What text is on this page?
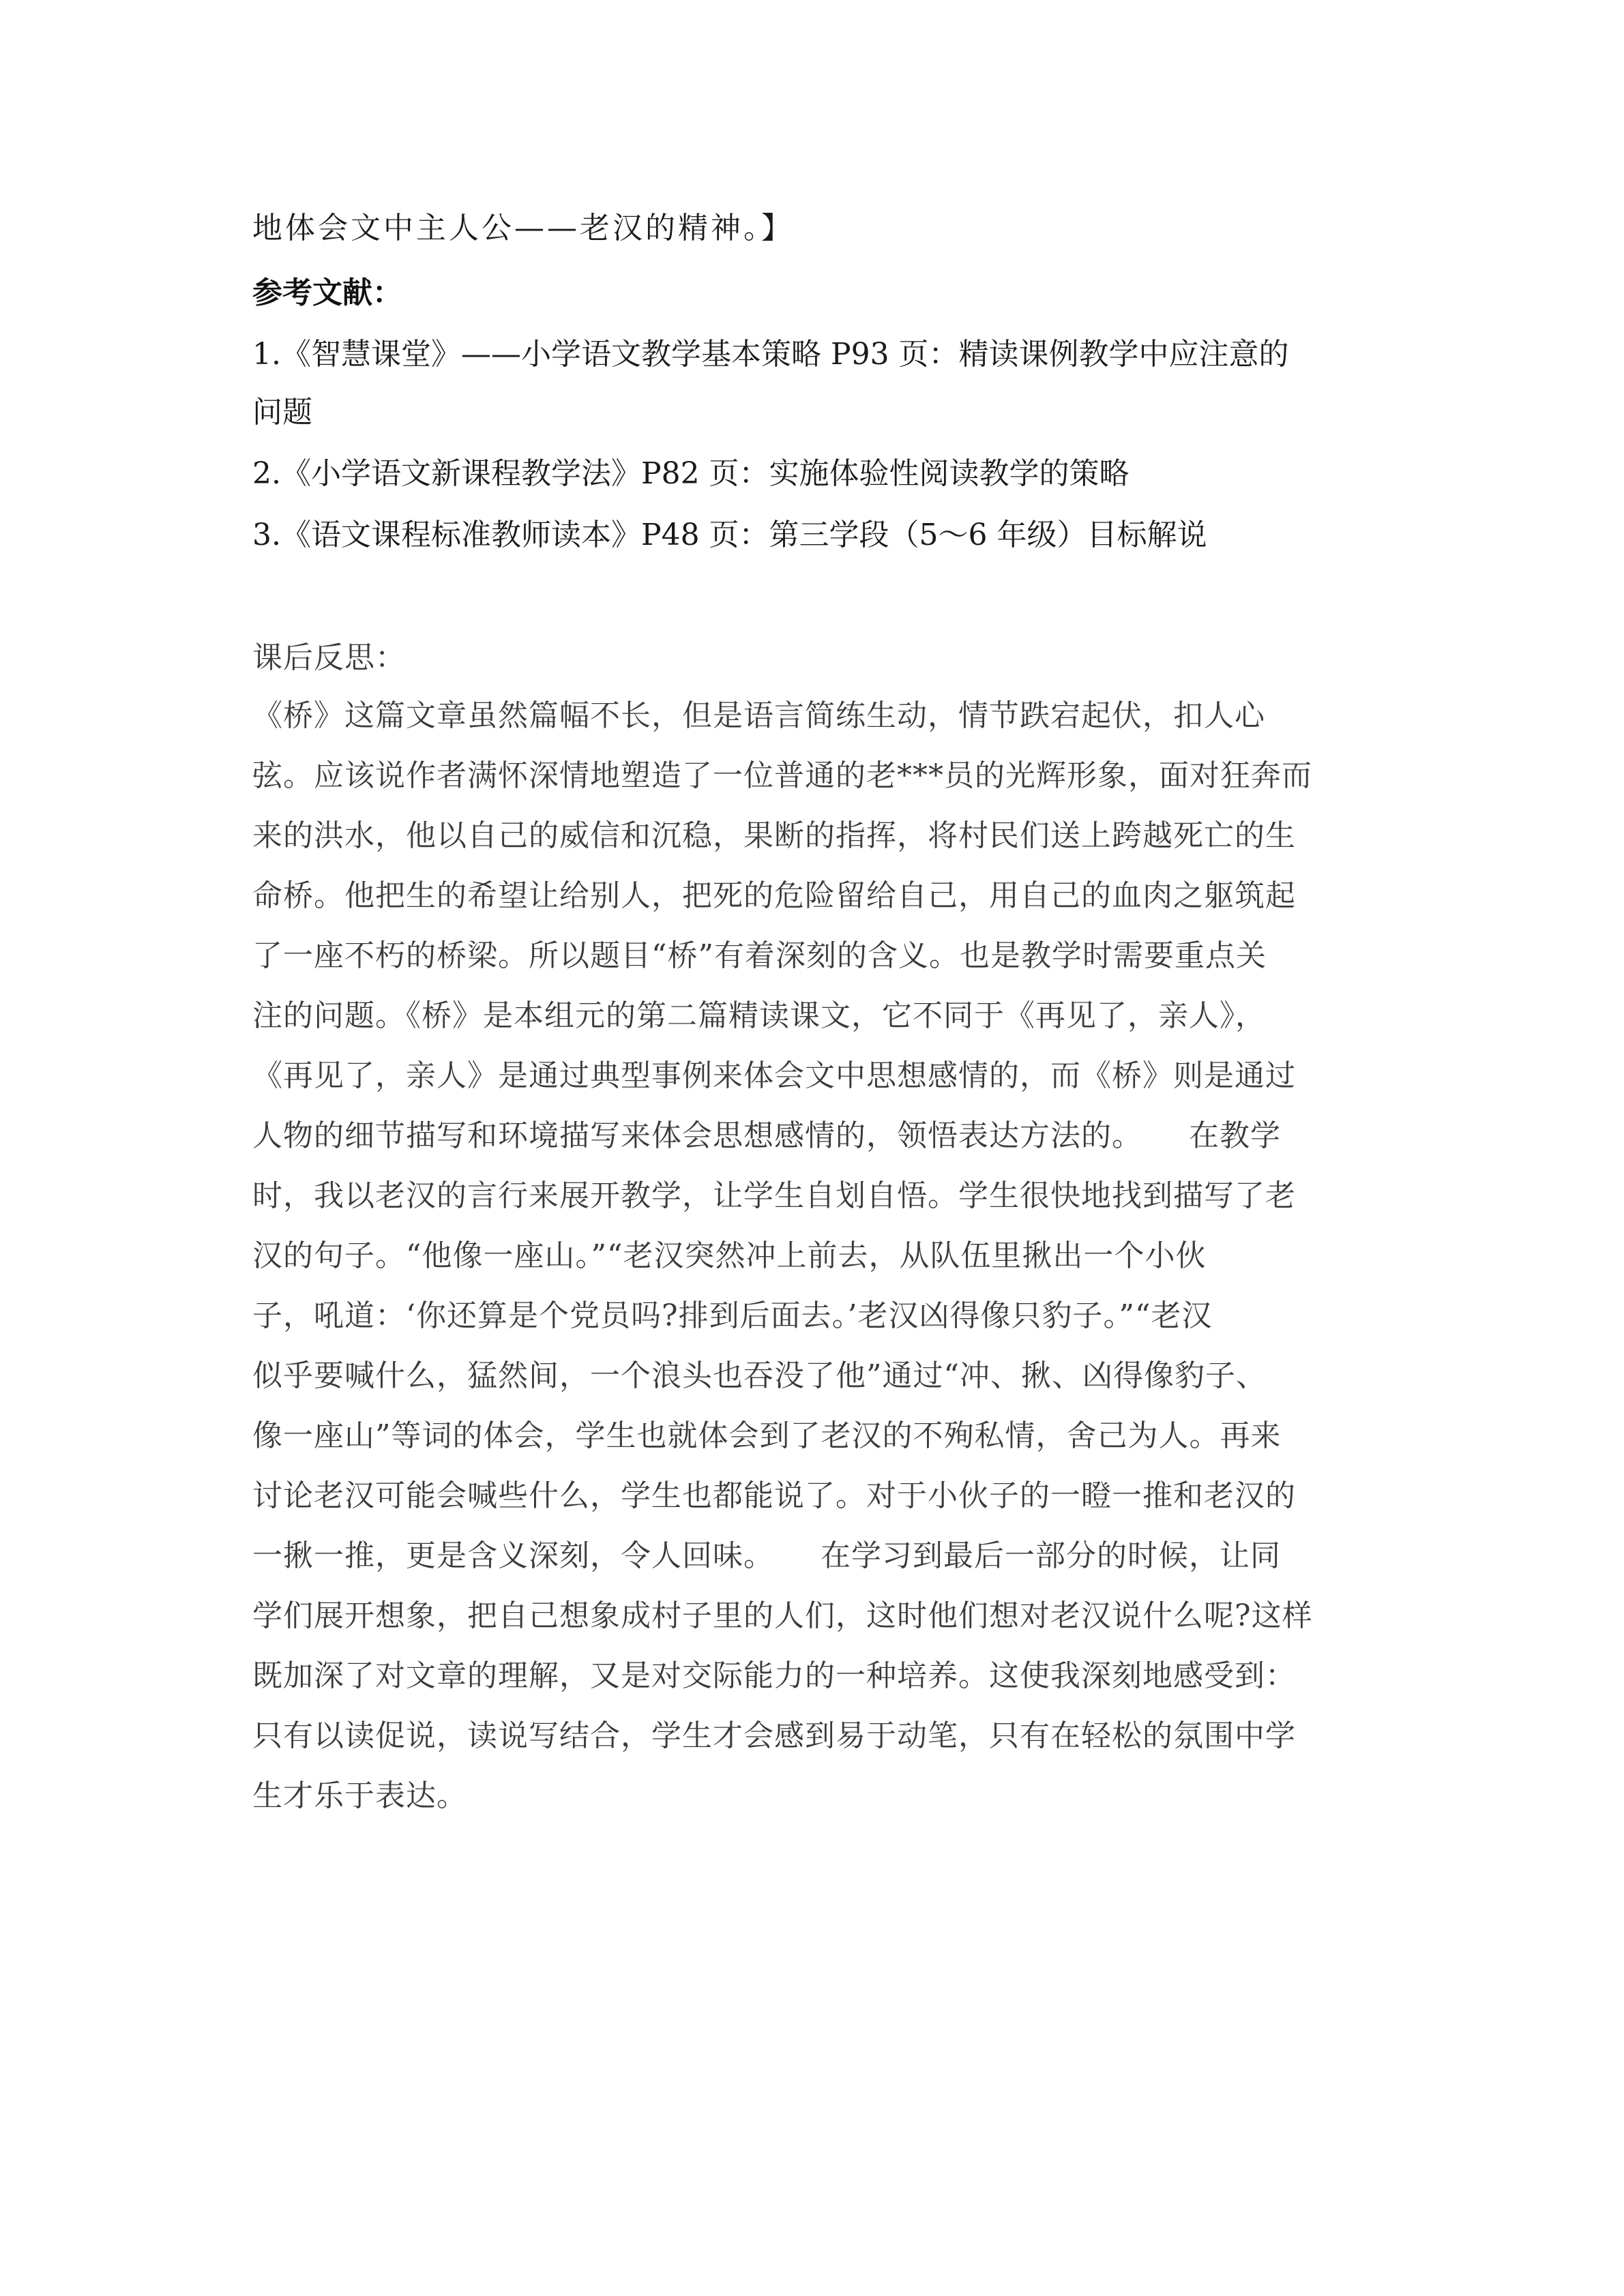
地体会文中主人公——老汉的精神。】
参考文献：
1.《智慧课堂》——小学语文教学基本策略 P93 页：精读课例教学中应注意的
问题
2.《小学语文新课程教学法》P82 页：实施体验性阅读教学的策略
3.《语文课程标准教师读本》P48 页：第三学段（5～6 年级）目标解说
课后反思：
《桥》这篇文章虽然篇幅不长，但是语言简练生动，情节跌宕起伏，扣人心
弦。应该说作者满怀深情地塑造了一位普通的老***员的光辉形象，面对狂奔而
来的洪水，他以自己的威信和沉稳，果断的指挥，将村民们送上跨越死亡的生
命桥。他把生的希望让给别人，把死的危险留给自己，用自己的血肉之躯筑起
了一座不朽的桥梁。所以题目“桥”有着深刻的含义。也是教学时需要重点关
注的问题。《桥》是本组元的第二篇精读课文，它不同于《再见了，亲人》，
《再见了，亲人》是通过典型事例来体会文中思想感情的，而《桥》则是通过
人物的细节描写和环境描写来体会思想感情的，领悟表达方法的。　　在教学
时，我以老汉的言行来展开教学，让学生自划自悟。学生很快地找到描写了老
汉的句子。“他像一座山。”“老汉突然冲上前去，从队伍里揪出一个小伙
子，吼道：‘你还算是个党员吗?排到后面去。’老汉凶得像只豹子。”“老汉
似乎要喊什么，猛然间，一个浪头也吞没了他”通过“冲、揪、凶得像豹子、
像一座山”等词的体会，学生也就体会到了老汉的不殉私情，舍己为人。再来
讨论老汉可能会喊些什么，学生也都能说了。对于小伙子的一瞪一推和老汉的
一揪一推，更是含义深刻，令人回味。　　在学习到最后一部分的时候，让同
学们展开想象，把自己想象成村子里的人们，这时他们想对老汉说什么呢?这样
既加深了对文章的理解，又是对交际能力的一种培养。这使我深刻地感受到：
只有以读促说，读说写结合，学生才会感到易于动笔，只有在轻松的氛围中学
生才乐于表达。
